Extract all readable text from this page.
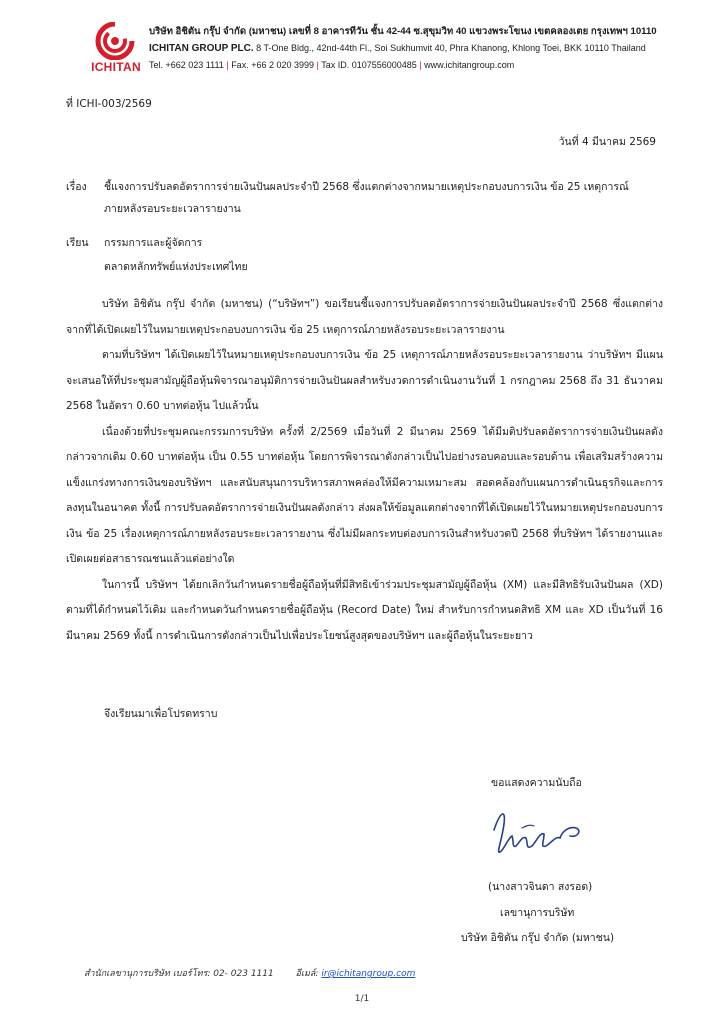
ICHITAN
บริษัท อิชิตัน กรุ๊ป จำกัด (มหาชน) เลขที่ 8 อาคารทีวัน ชั้น 42-44 ซ.สุขุมวิท 40 แขวงพระโขนง เขตคลองเตย กรุงเทพฯ 10110
ICHITAN GROUP PLC. 8 T-One Bldg., 42nd-44th Fl., Soi Sukhumvit 40, Phra Khanong, Khlong Toei, BKK 10110 Thailand
Tel. +662 023 1111 | Fax. +66 2 020 3999 | Tax ID. 0107556000485 | www.ichitangroup.com
ที่ ICHI-003/2569
วันที่ 4 มีนาคม 2569
เรื่อง ชี้แจงการปรับลดอัตราการจ่ายเงินปันผลประจำปี 2568 ซึ่งแตกต่างจากหมายเหตุประกอบงบการเงิน ข้อ 25 เหตุการณ์
ภายหลังรอบระยะเวลารายงาน
เรียน กรรมการและผู้จัดการ
ตลาดหลักทรัพย์แห่งประเทศไทย

บริษัท อิชิตัน กรุ๊ป จำกัด (มหาชน) (“บริษัทฯ”) ขอเรียนชี้แจงการปรับลดอัตราการจ่ายเงินปันผลประจำปี 2568 ซึ่งแตกต่างจากที่ได้เปิดเผยไว้ในหมายเหตุประกอบงบการเงิน ข้อ 25 เหตุการณ์ภายหลังรอบระยะเวลารายงาน

ตามที่บริษัทฯ ได้เปิดเผยไว้ในหมายเหตุประกอบงบการเงิน ข้อ 25 เหตุการณ์ภายหลังรอบระยะเวลารายงาน ว่าบริษัทฯ มีแผนจะเสนอให้ที่ประชุมสามัญผู้ถือหุ้นพิจารณาอนุมัติการจ่ายเงินปันผลสำหรับงวดการดำเนินงานวันที่ 1 กรกฎาคม 2568 ถึง 31 ธันวาคม 2568 ในอัตรา 0.60 บาทต่อหุ้น ไปแล้วนั้น

เนื่องด้วยที่ประชุมคณะกรรมการบริษัท ครั้งที่ 2/2569 เมื่อวันที่ 2 มีนาคม 2569 ได้มีมติปรับลดอัตราการจ่ายเงินปันผลดังกล่าวจากเดิม 0.60 บาทต่อหุ้น เป็น 0.55 บาทต่อหุ้น โดยการพิจารณาดังกล่าวเป็นไปอย่างรอบคอบและรอบด้าน เพื่อเสริมสร้างความแข็งแกร่งทางการเงินของบริษัทฯ และสนับสนุนการบริหารสภาพคล่องให้มีความเหมาะสม สอดคล้องกับแผนการดำเนินธุรกิจและการลงทุนในอนาคต ทั้งนี้ การปรับลดอัตราการจ่ายเงินปันผลดังกล่าว ส่งผลให้ข้อมูลแตกต่างจากที่ได้เปิดเผยไว้ในหมายเหตุประกอบงบการเงิน ข้อ 25 เรื่องเหตุการณ์ภายหลังรอบระยะเวลารายงาน ซึ่งไม่มีผลกระทบต่องบการเงินสำหรับงวดปี 2568 ที่บริษัทฯ ได้รายงานและเปิดเผยต่อสาธารณชนแล้วแต่อย่างใด

ในการนี้ บริษัทฯ ได้ยกเลิกวันกำหนดรายชื่อผู้ถือหุ้นที่มีสิทธิเข้าร่วมประชุมสามัญผู้ถือหุ้น (XM) และมีสิทธิรับเงินปันผล (XD) ตามที่ได้กำหนดไว้เดิม และกำหนดวันกำหนดรายชื่อผู้ถือหุ้น (Record Date) ใหม่ สำหรับการกำหนดสิทธิ XM และ XD เป็นวันที่ 16 มีนาคม 2569 ทั้งนี้ การดำเนินการดังกล่าวเป็นไปเพื่อประโยชน์สูงสุดของบริษัทฯ และผู้ถือหุ้นในระยะยาว

จึงเรียนมาเพื่อโปรดทราบ
ขอแสดงความนับถือ
(นางสาวจินดา สงรอด)
เลขานุการบริษัท
บริษัท อิชิตัน กรุ๊ป จำกัด (มหาชน)
สำนักเลขานุการบริษัท เบอร์โทร: 02- 023 1111 อีเมล์: ir@ichitangroup.com
1/1
